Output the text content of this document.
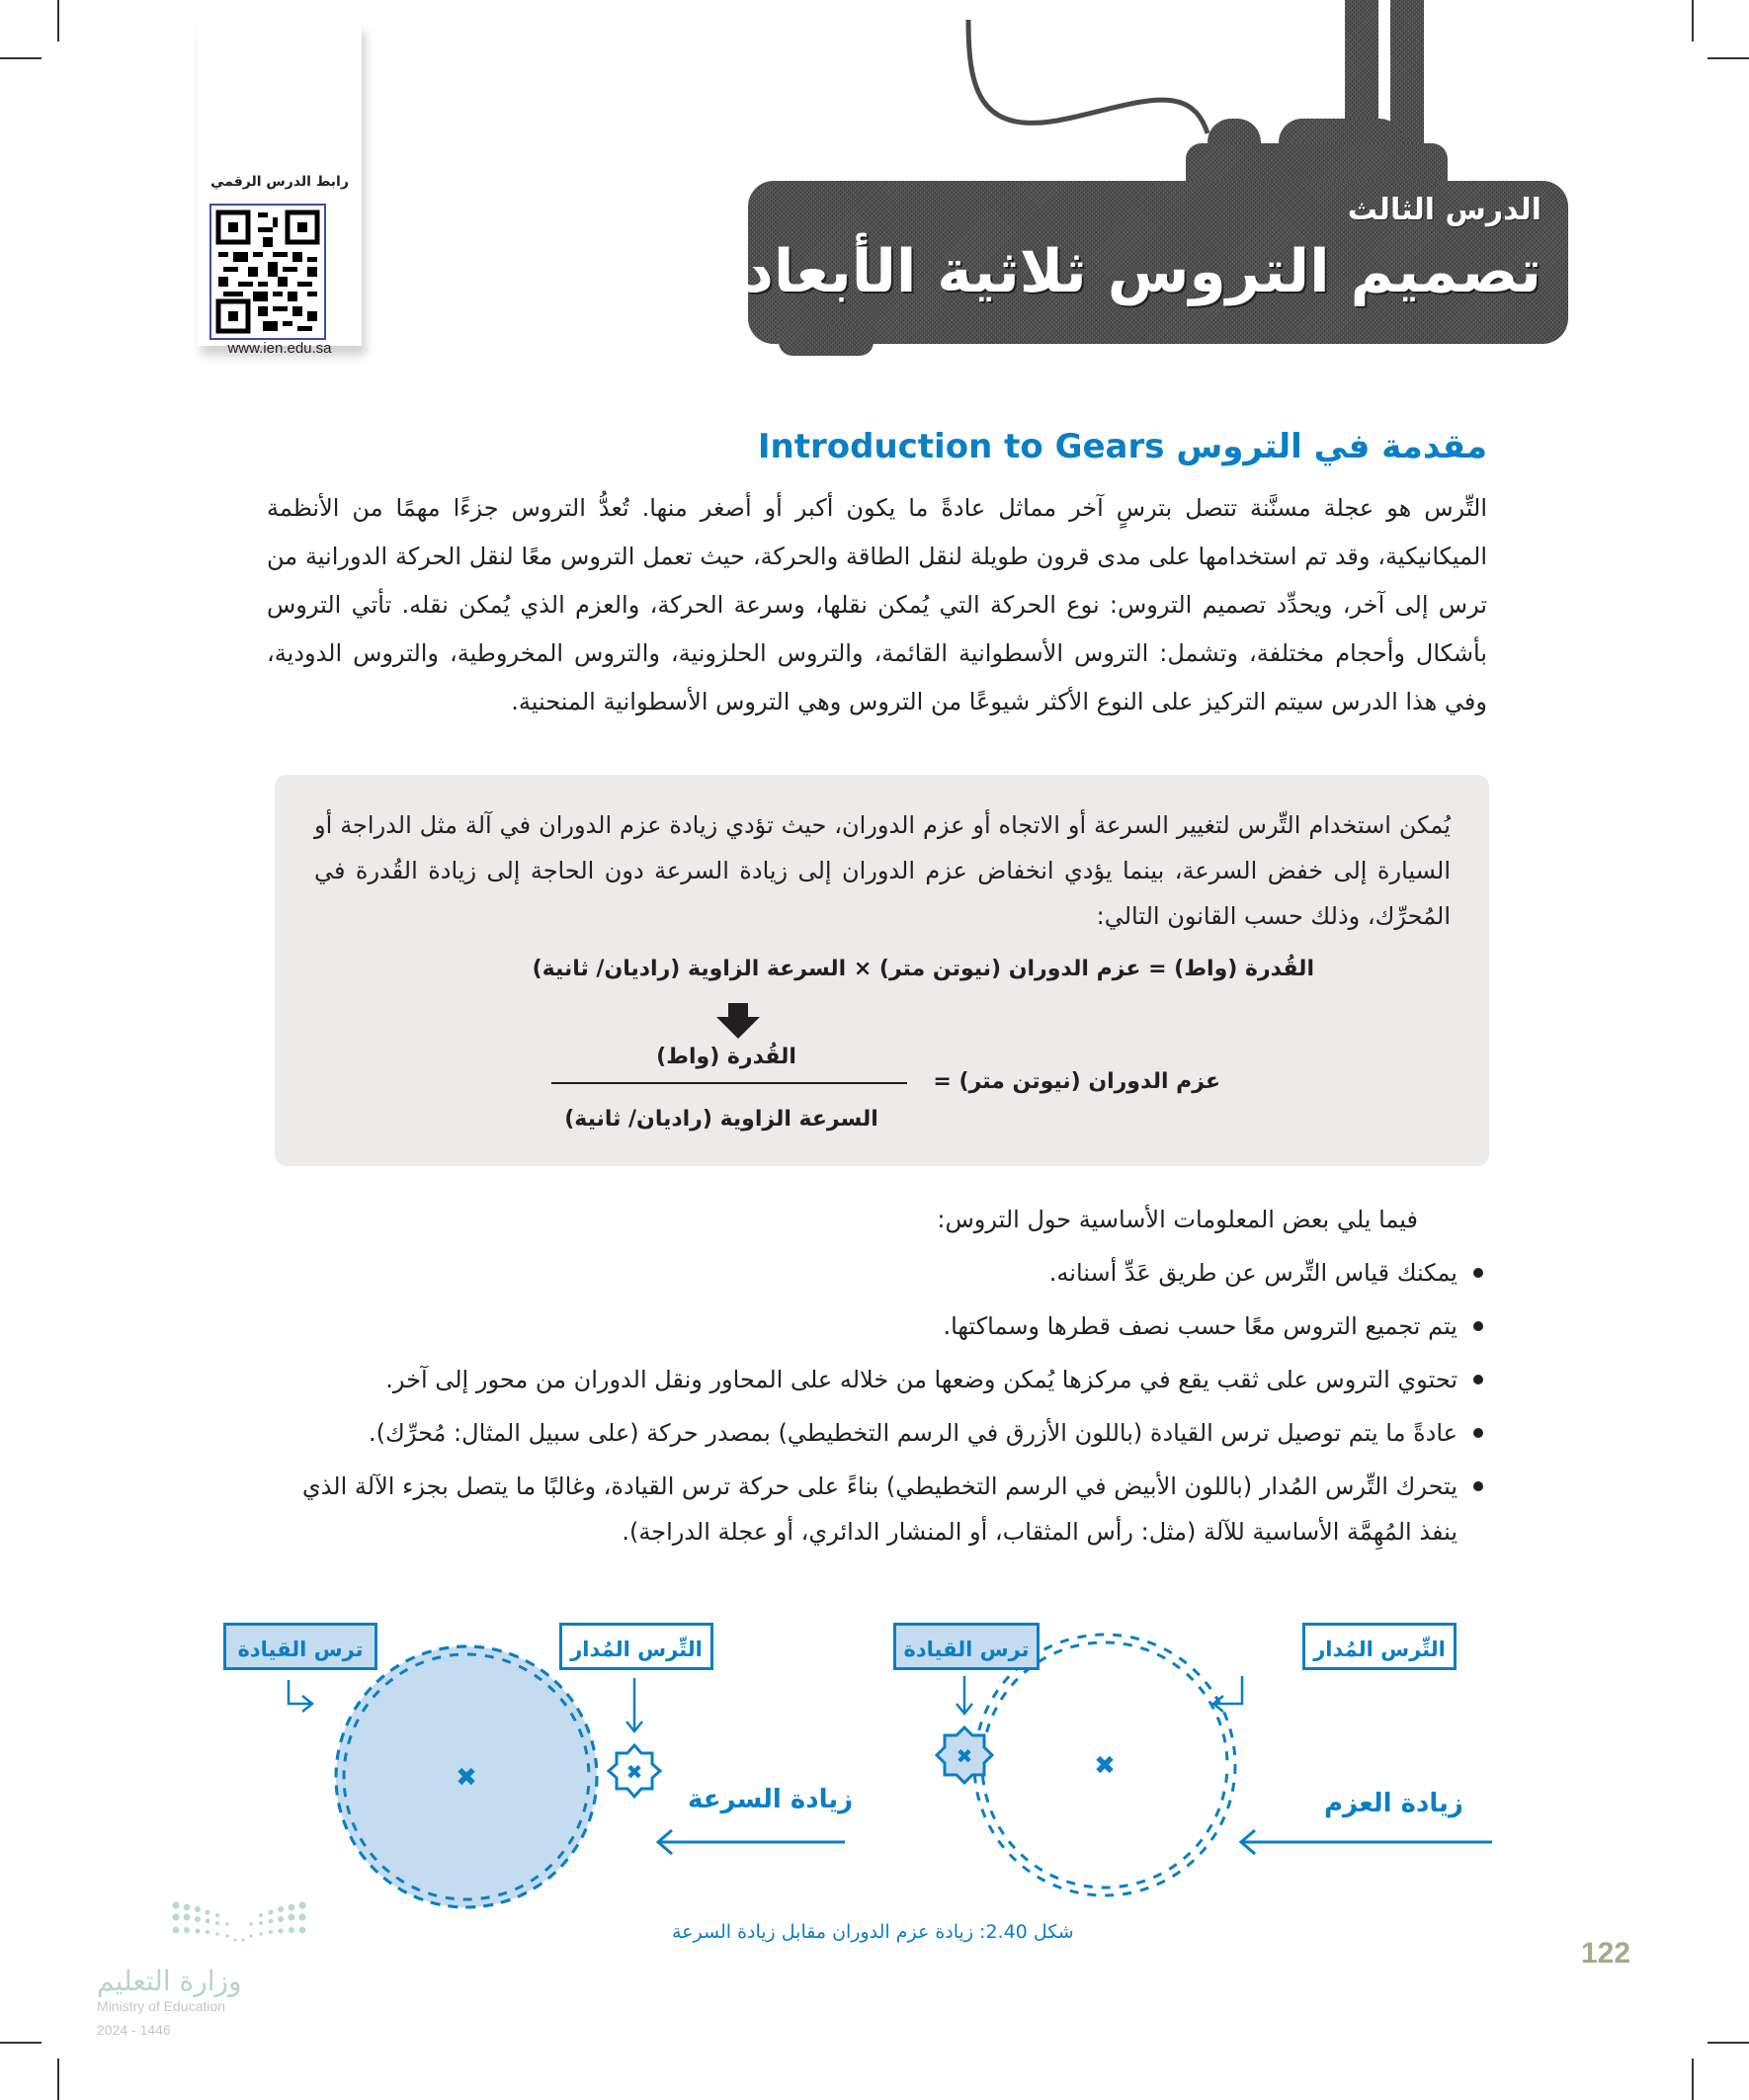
رابط الدرس الرقمي
www.ien.edu.sa
الدرس الثالث
تصميم التروس ثلاثية الأبعاد
مقدمة في التروس Introduction to Gears
التِّرس هو عجلة مسنَّنة تتصل بترسٍ آخر مماثل عادةً ما يكون أكبر أو أصغر منها. تُعدُّ التروس جزءًا مهمًا من الأنظمة الميكانيكية، وقد تم استخدامها على مدى قرون طويلة لنقل الطاقة والحركة، حيث تعمل التروس معًا لنقل الحركة الدورانية من ترس إلى آخر، ويحدِّد تصميم التروس: نوع الحركة التي يُمكن نقلها، وسرعة الحركة، والعزم الذي يُمكن نقله. تأتي التروس بأشكال وأحجام مختلفة، وتشمل: التروس الأسطوانية القائمة، والتروس الحلزونية، والتروس المخروطية، والتروس الدودية، وفي هذا الدرس سيتم التركيز على النوع الأكثر شيوعًا من التروس وهي التروس الأسطوانية المنحنية.
يُمكن استخدام التِّرس لتغيير السرعة أو الاتجاه أو عزم الدوران، حيث تؤدي زيادة عزم الدوران في آلة مثل الدراجة أو السيارة إلى خفض السرعة، بينما يؤدي انخفاض عزم الدوران إلى زيادة السرعة دون الحاجة إلى زيادة القُدرة في المُحرِّك، وذلك حسب القانون التالي:
القُدرة (واط) = عزم الدوران (نيوتن متر) × السرعة الزاوية (راديان/ ثانية)
عزم الدوران (نيوتن متر) =
القُدرة (واط)
السرعة الزاوية (راديان/ ثانية)
فيما يلي بعض المعلومات الأساسية حول التروس:
يمكنك قياس التِّرس عن طريق عَدِّ أسنانه.
يتم تجميع التروس معًا حسب نصف قطرها وسماكتها.
تحتوي التروس على ثقب يقع في مركزها يُمكن وضعها من خلاله على المحاور ونقل الدوران من محور إلى آخر.
عادةً ما يتم توصيل ترس القيادة (باللون الأزرق في الرسم التخطيطي) بمصدر حركة (على سبيل المثال: مُحرِّك).
يتحرك التِّرس المُدار (باللون الأبيض في الرسم التخطيطي) بناءً على حركة ترس القيادة، وغالبًا ما يتصل بجزء الآلة الذي ينفذ المُهِمَّة الأساسية للآلة (مثل: رأس المثقاب، أو المنشار الدائري، أو عجلة الدراجة).
✖	✖
ترس القيادة	التِّرس المُدار
زيادة السرعة
✖
✖
ترس القيادة	التِّرس المُدار
زيادة العزم
شكل 2.40: زيادة عزم الدوران مقابل زيادة السرعة
وزارة التعليم
Ministry of Education
2024 - 1446
122
